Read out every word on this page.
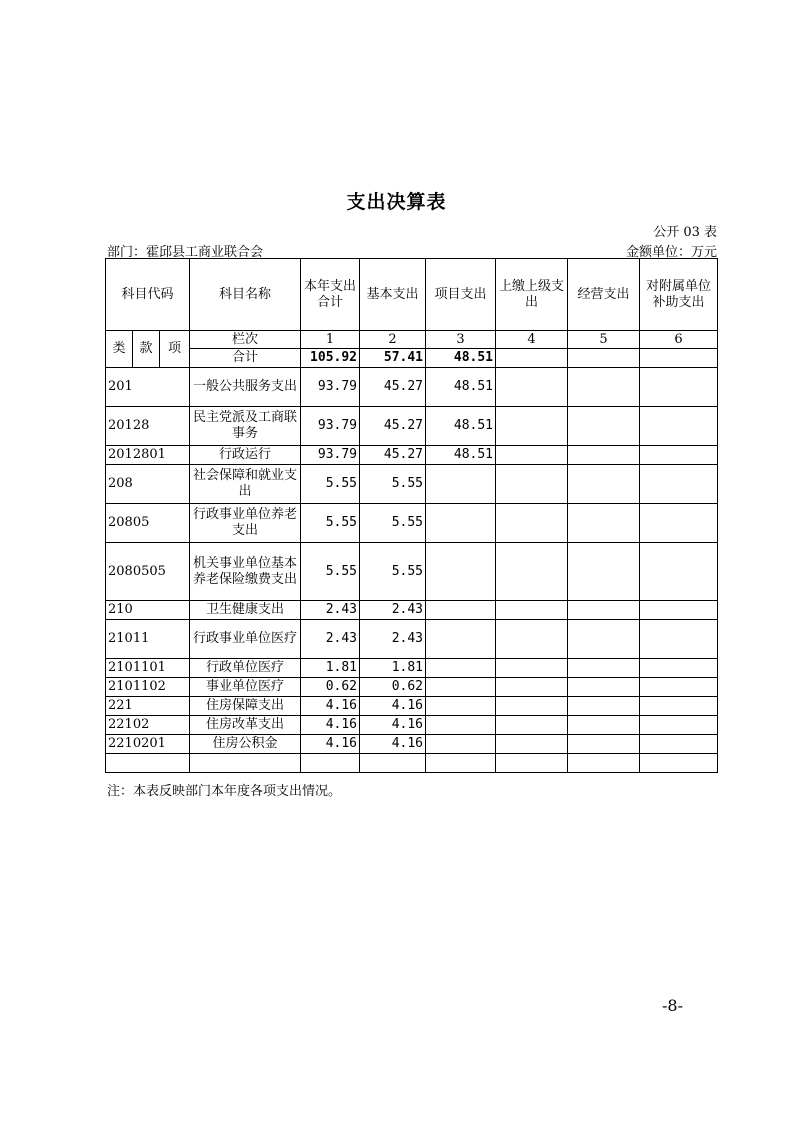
支出决算表
公开 03 表
部门：霍邱县工商业联合会	金额单位：万元
科目代码			科目名称	本年支出合计	基本支出	项目支出	上缴上级支出	经营支出	对附属单位补助支出
类	款	项	栏次	1	2	3	4	5	6
			合计	105.92	57.41	48.51			
201			一般公共服务支出	93.79	45.27	48.51			
20128			民主党派及工商联事务	93.79	45.27	48.51			
2012801			行政运行	93.79	45.27	48.51			
208			社会保障和就业支出	5.55	5.55				
20805			行政事业单位养老支出	5.55	5.55				
2080505			机关事业单位基本养老保险缴费支出	5.55	5.55				
210			卫生健康支出	2.43	2.43				
21011			行政事业单位医疗	2.43	2.43				
2101101			行政单位医疗	1.81	1.81				
2101102			事业单位医疗	0.62	0.62				
221			住房保障支出	4.16	4.16				
22102			住房改革支出	4.16	4.16				
2210201			住房公积金	4.16	4.16				

注：本表反映部门本年度各项支出情况。
-8-
